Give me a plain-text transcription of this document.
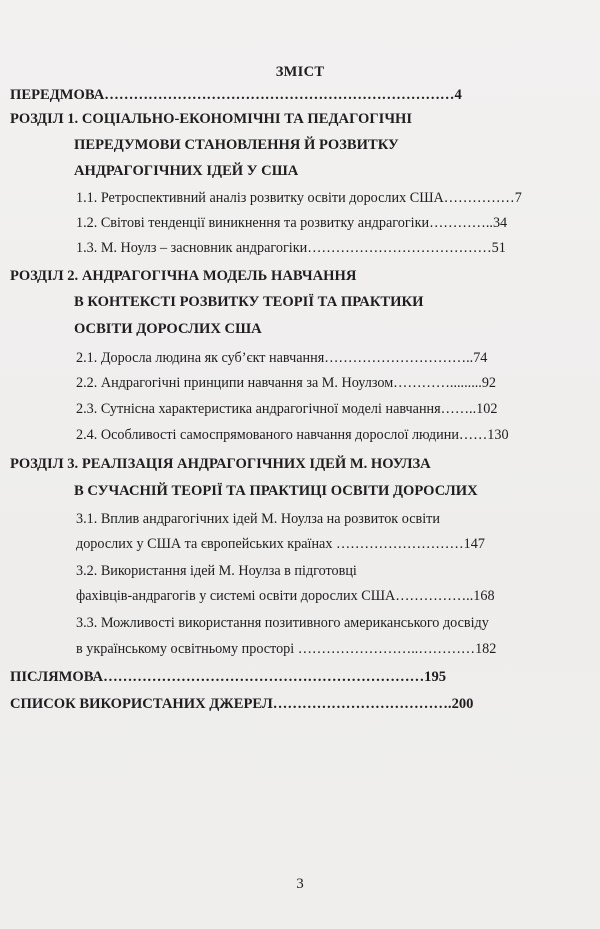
ЗМІСТ
ПЕРЕДМОВА………………………………………………………………4
РОЗДІЛ 1. СОЦІАЛЬНО-ЕКОНОМІЧНІ ТА ПЕДАГОГІЧНІ
ПЕРЕДУМОВИ СТАНОВЛЕННЯ Й РОЗВИТКУ
АНДРАГОГІЧНИХ ІДЕЙ У США
1.1. Ретроспективний аналіз розвитку освіти дорослих США……………7
1.2. Світові тенденції виникнення та розвитку андрагогіки…………..34
1.3. М. Ноулз – засновник андрагогіки…………………………………51
РОЗДІЛ 2. АНДРАГОГІЧНА МОДЕЛЬ НАВЧАННЯ
В КОНТЕКСТІ РОЗВИТКУ ТЕОРІЇ ТА ПРАКТИКИ
ОСВІТИ ДОРОСЛИХ США
2.1. Доросла людина як суб’єкт навчання…………………………..74
2.2. Андрагогічні принципи навчання за М. Ноулзом………….........92
2.3. Сутнісна характеристика андрагогічної моделі навчання……..102
2.4. Особливості самоспрямованого навчання дорослої людини……130
РОЗДІЛ 3. РЕАЛІЗАЦІЯ АНДРАГОГІЧНИХ ІДЕЙ М. НОУЛЗА
В СУЧАСНІЙ ТЕОРІЇ ТА ПРАКТИЦІ ОСВІТИ ДОРОСЛИХ
3.1. Вплив андрагогічних ідей М. Ноулза на розвиток освіти
дорослих у США та європейських країнах ………………………147
3.2. Використання ідей М. Ноулза в підготовці
фахівців-андрагогів у системі освіти дорослих США……………..168
3.3. Можливості використання позитивного американського досвіду
в українському освітньому просторі ……………………..…………182
ПІСЛЯМОВА…………………………………………………………195
СПИСОК ВИКОРИСТАНИХ ДЖЕРЕЛ……………………………….200
3
